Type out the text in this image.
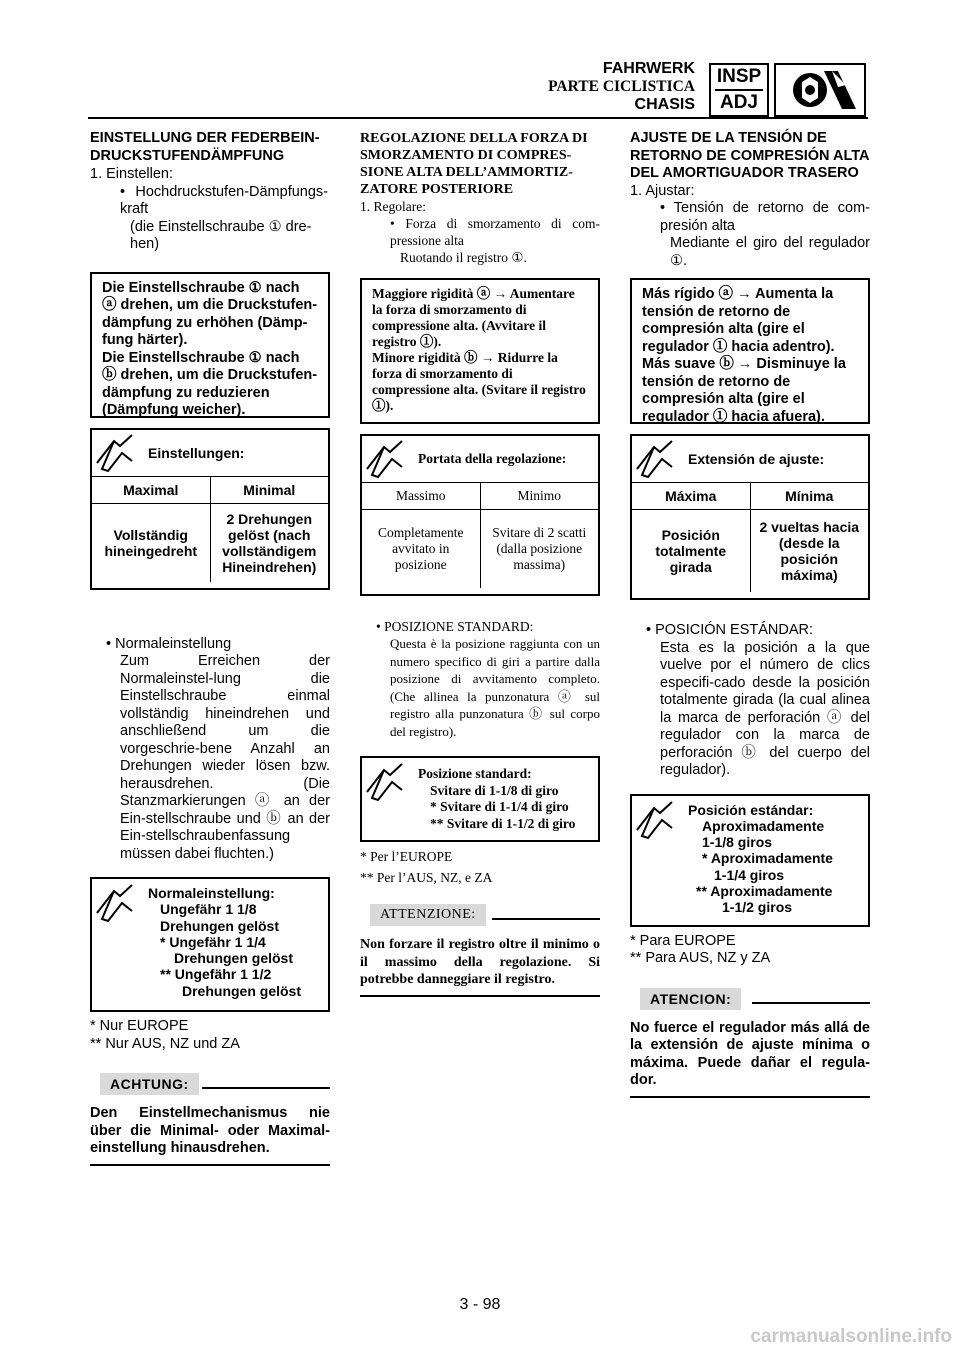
FAHRWERK
PARTE CICLISTICA
CHASIS
INSP
ADJ
EINSTELLUNG DER FEDERBEIN-DRUCKSTUFENDÄMPFUNG
1. Einstellen:
• Hochdruckstufen-Dämpfungs-kraft
(die Einstellschraube ① dre-hen)
Die Einstellschraube ① nach ⓐ drehen, um die Druckstufen-dämpfung zu erhöhen (Dämp-fung härter).
Die Einstellschraube ① nach ⓑ drehen, um die Druckstufen-dämpfung zu reduzieren (Dämpfung weicher).
Einstellungen:
Maximal	Minimal
Vollständig hineingedreht	2 Drehungen gelöst (nach vollständigem Hineindrehen)
• Normaleinstellung
Zum Erreichen der Normaleinstel-lung die Einstellschraube einmal vollständig hineindrehen und anschließend um die vorgeschrie-bene Anzahl an Drehungen wieder lösen bzw. herausdrehen. (Die Stanzmarkierungen ⓐ an der Ein-stellschraube und ⓑ an der Ein-stellschraubenfassung müssen dabei fluchten.)
Normaleinstellung:
Ungefähr 1 1/8
Drehungen gelöst
* Ungefähr 1 1/4
Drehungen gelöst
** Ungefähr 1 1/2
Drehungen gelöst
* Nur EUROPE
** Nur AUS, NZ und ZA
ACHTUNG:
Den Einstellmechanismus nie über die Minimal- oder Maximal-einstellung hinausdrehen.
REGOLAZIONE DELLA FORZA DI SMORZAMENTO DI COMPRES-SIONE ALTA DELL’AMMORTIZ-ZATORE POSTERIORE
1. Regolare:
• Forza di smorzamento di com-pressione alta
Ruotando il registro ①.
Maggiore rigidità ⓐ → Aumentare la forza di smorzamento di compressione alta. (Avvitare il registro ①).
Minore rigidità ⓑ → Ridurre la forza di smorzamento di compressione alta. (Svitare il registro ①).
Portata della regolazione:
Massimo	Minimo
Completamente avvitato in posizione	Svitare di 2 scatti (dalla posizione massima)
• POSIZIONE STANDARD:
Questa è la posizione raggiunta con un numero specifico di giri a partire dalla posizione di avvitamento completo. (Che allinea la punzonatura ⓐ sul registro alla punzonatura ⓑ sul corpo del registro).
Posizione standard:
Svitare di 1-1/8 di giro
* Svitare di 1-1/4 di giro
** Svitare di 1-1/2 di giro
* Per l’EUROPE
** Per l’AUS, NZ, e ZA
ATTENZIONE:
Non forzare il registro oltre il minimo o il massimo della regolazione. Si potrebbe danneggiare il registro.
AJUSTE DE LA TENSIÓN DE RETORNO DE COMPRESIÓN ALTA DEL AMORTIGUADOR TRASERO
1. Ajustar:
• Tensión de retorno de com-presión alta
Mediante el giro del regulador ①.
Más rígido ⓐ → Aumenta la tensión de retorno de compresión alta (gire el regulador ① hacia adentro).
Más suave ⓑ → Disminuye la tensión de retorno de compresión alta (gire el regulador ① hacia afuera).
Extensión de ajuste:
Máxima	Mínima
Posición totalmente girada	2 vueltas hacia (desde la posición máxima)
• POSICIÓN ESTÁNDAR:
Esta es la posición a la que vuelve por el número de clics especifi-cado desde la posición totalmente girada (la cual alinea la marca de perforación ⓐ del regulador con la marca de perforación ⓑ del cuerpo del regulador).
Posición estándar:
Aproximadamente
1-1/8 giros
* Aproximadamente
1-1/4 giros
** Aproximadamente
1-1/2 giros
* Para EUROPE
** Para AUS, NZ y ZA
ATENCION:
No fuerce el regulador más allá de la extensión de ajuste mínima o máxima. Puede dañar el regula-dor.
3 - 98
carmanualsonline.info
